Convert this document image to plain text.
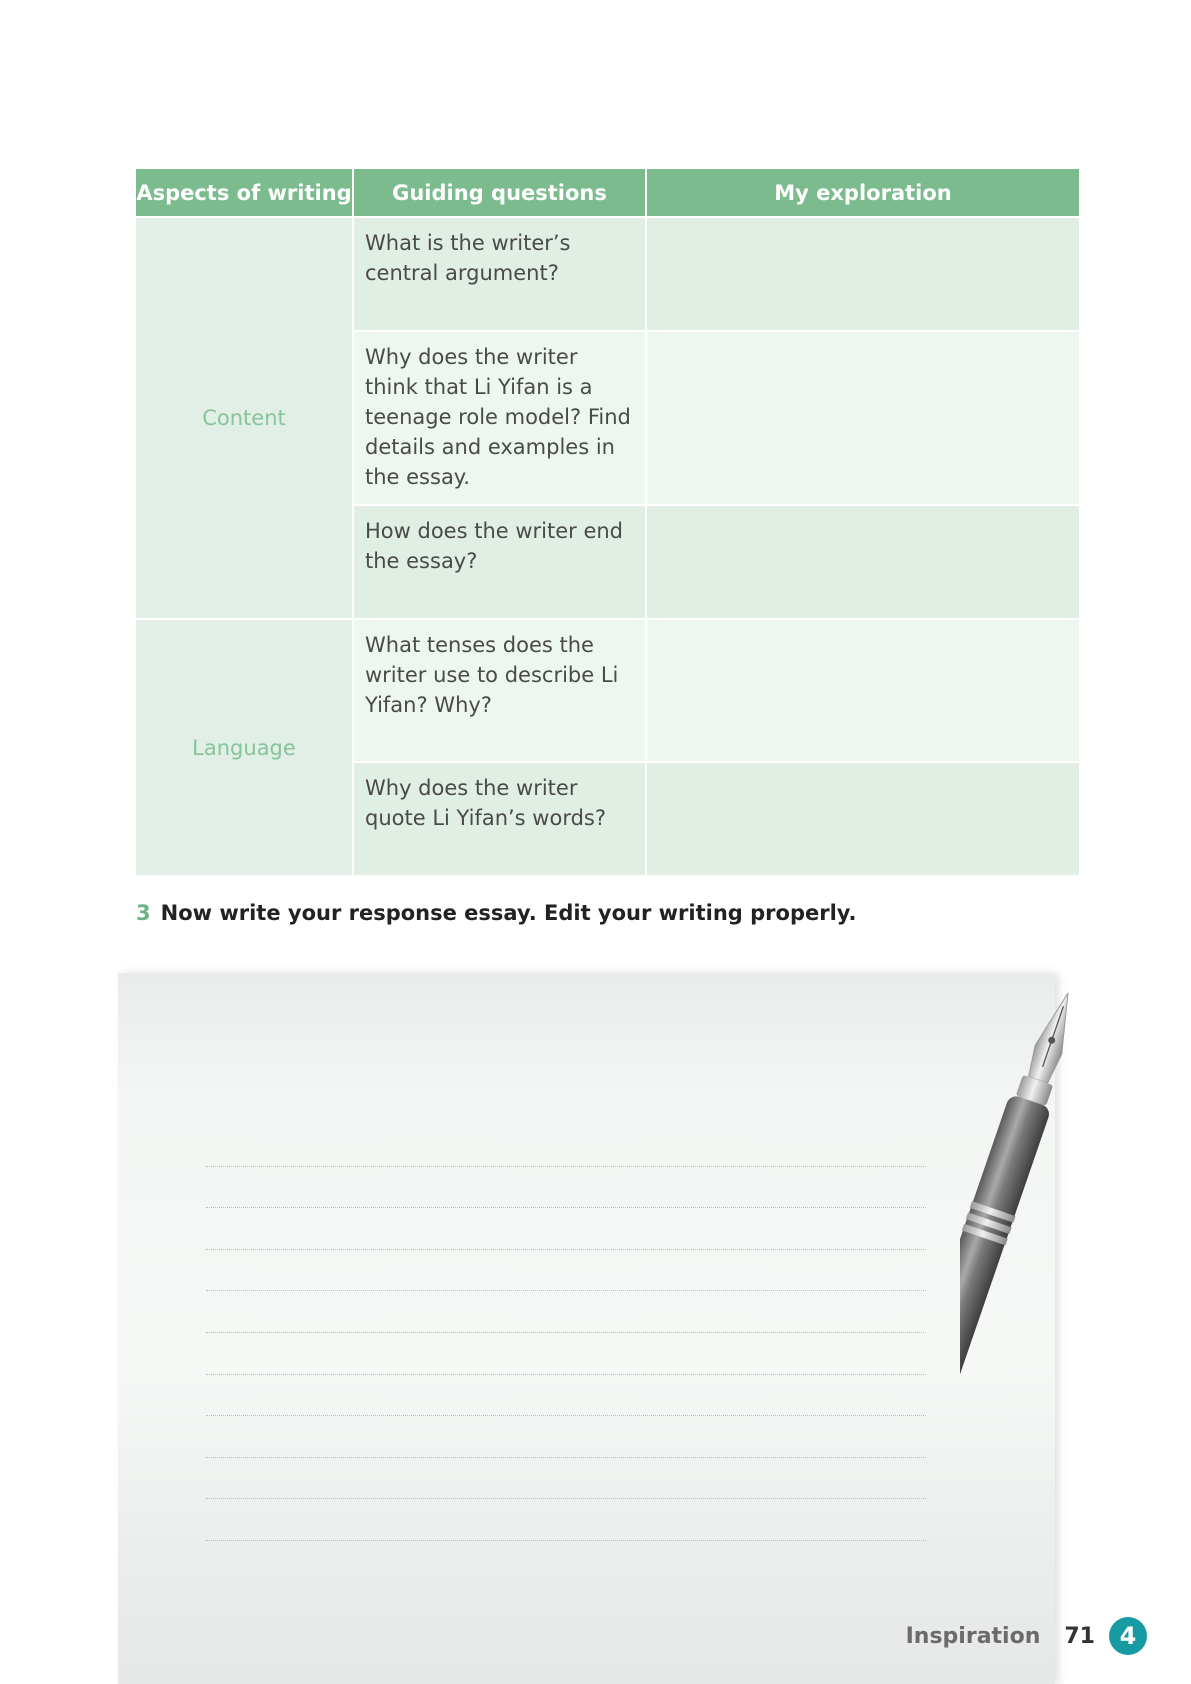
Aspects of writing	Guiding questions	My exploration
Content	What is the writer’s central argument?	
	Why does the writer think that Li Yifan is a teenage role model? Find details and examples in the essay.	
	How does the writer end the essay?	
Language	What tenses does the writer use to describe Li Yifan? Why?	
	Why does the writer quote Li Yifan’s words?	
3 Now write your response essay. Edit your writing properly.
Inspiration 71	4
